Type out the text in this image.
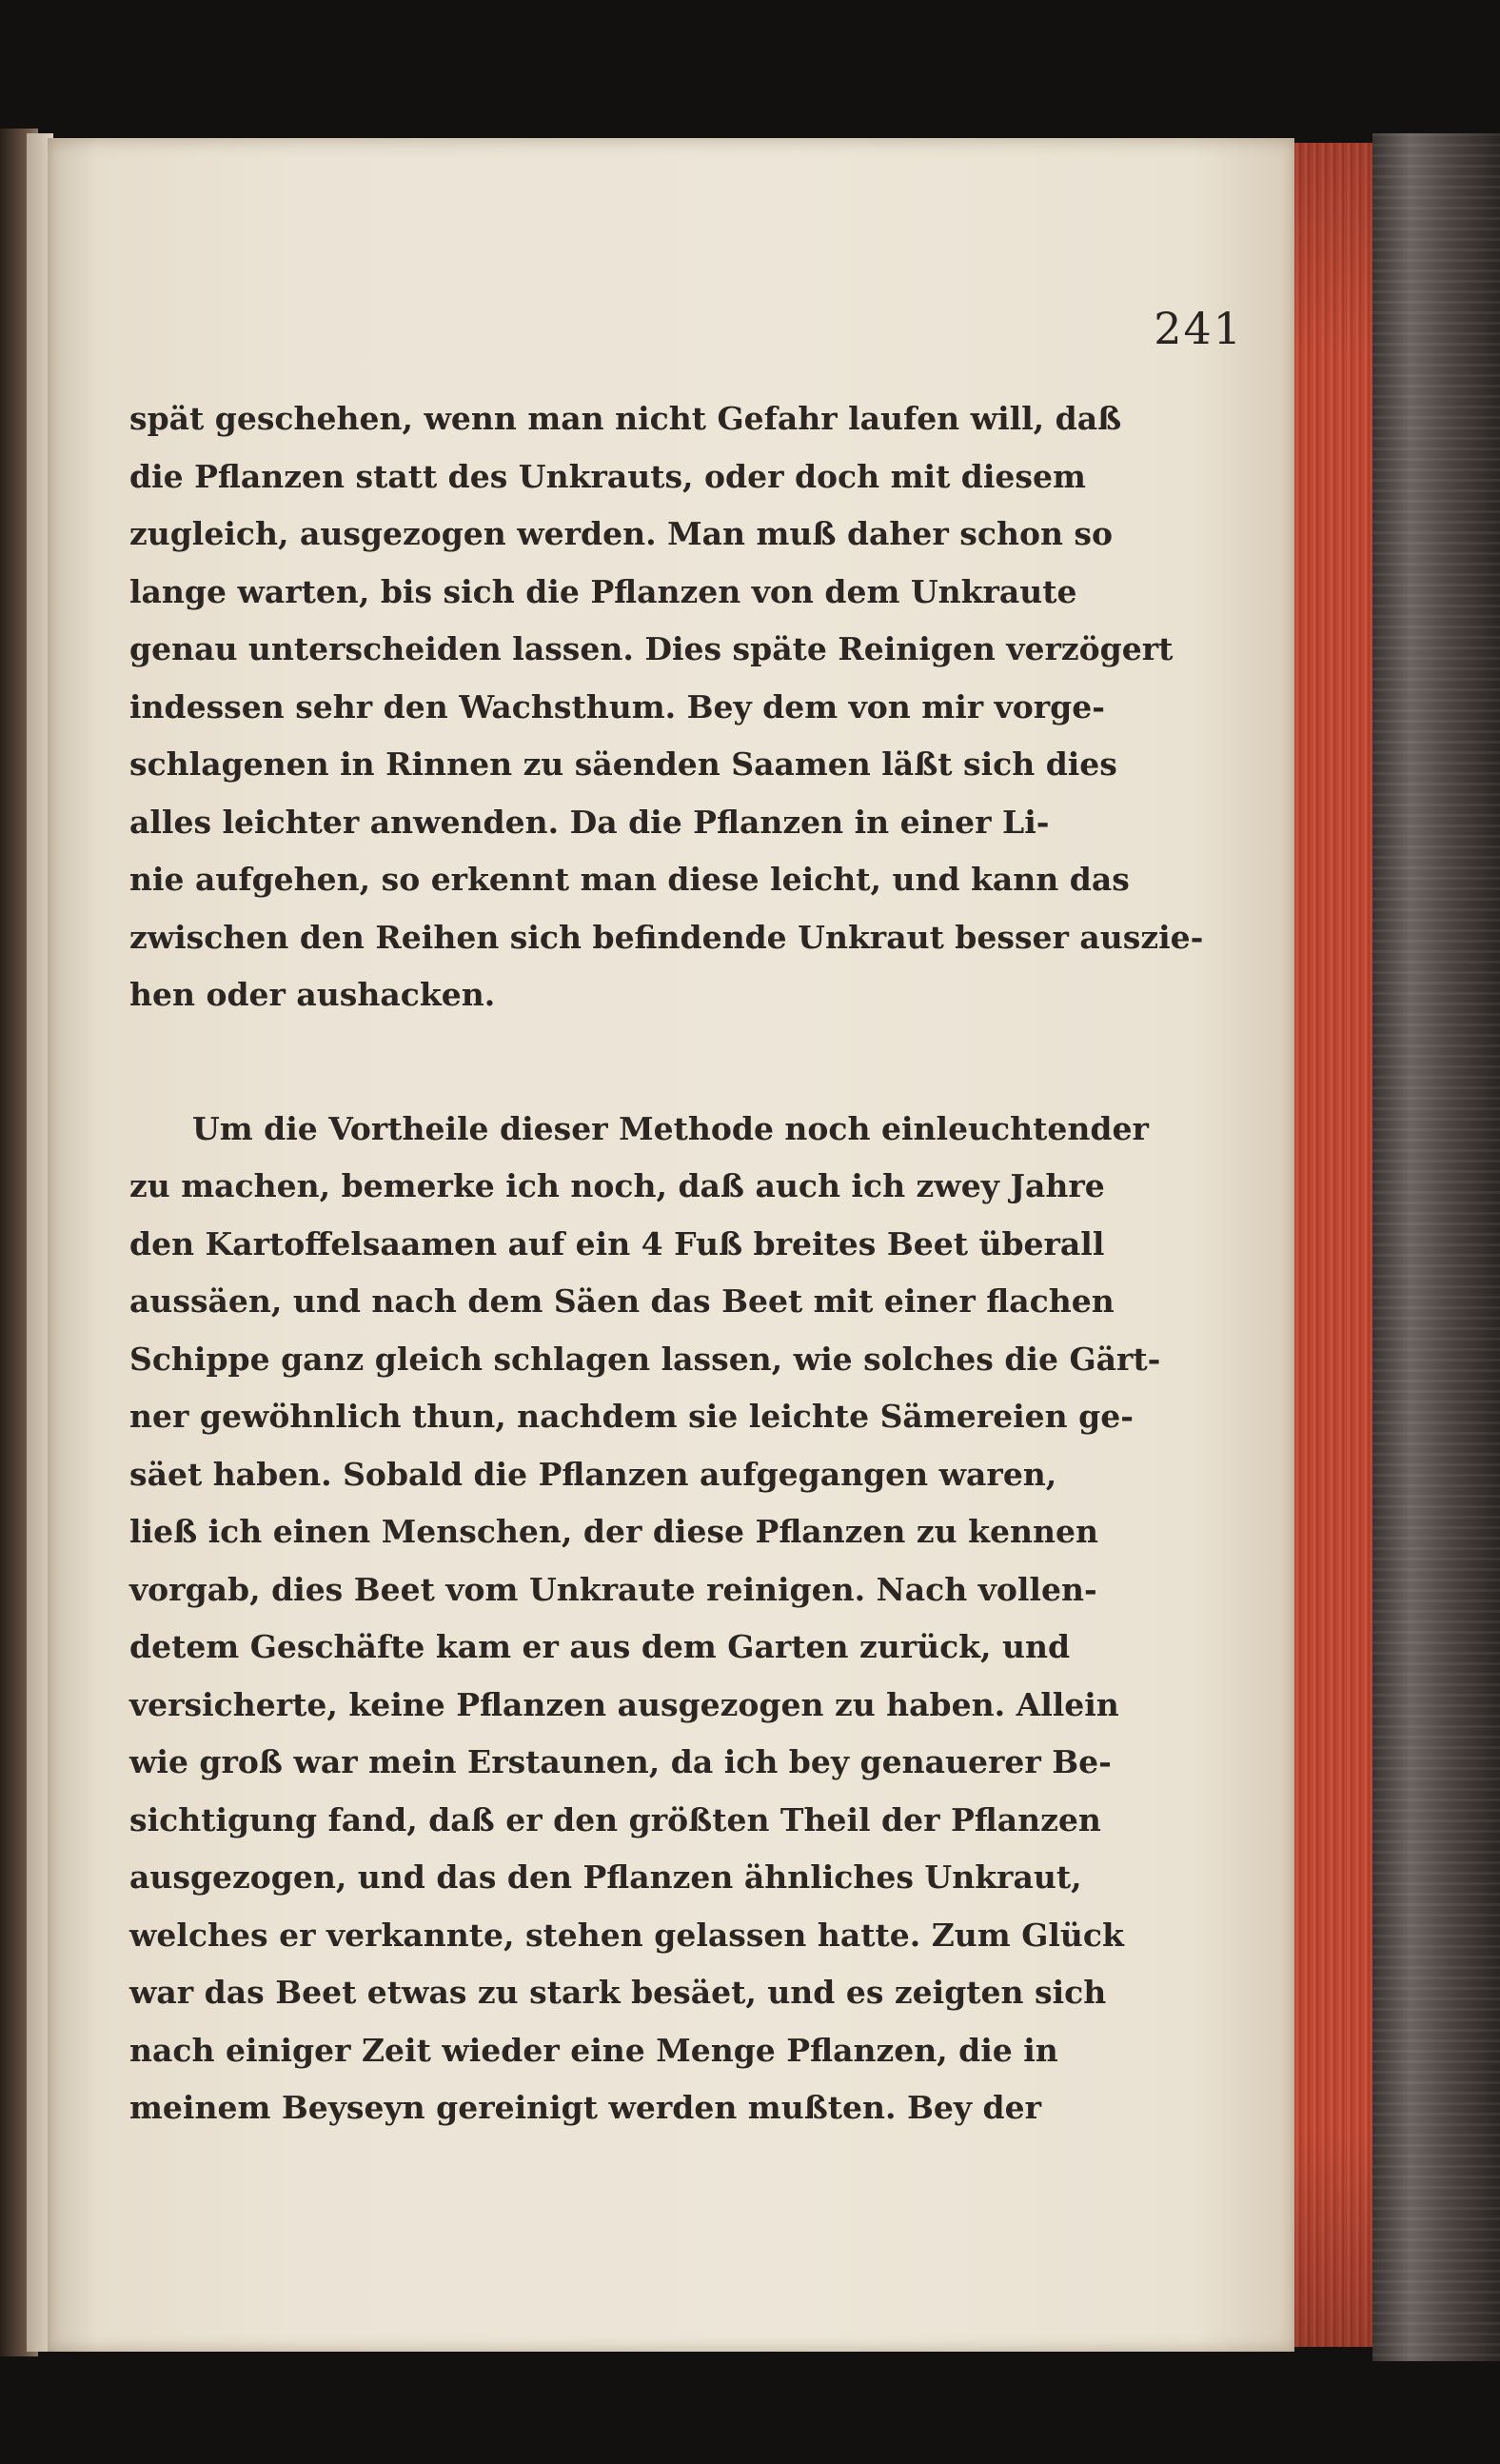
241
spät geschehen, wenn man nicht Gefahr laufen will, daß
die Pflanzen statt des Unkrauts, oder doch mit diesem
zugleich, ausgezogen werden. Man muß daher schon so
lange warten, bis sich die Pflanzen von dem Unkraute
genau unterscheiden lassen. Dies späte Reinigen verzögert
indessen sehr den Wachsthum. Bey dem von mir vorge-
schlagenen in Rinnen zu säenden Saamen läßt sich dies
alles leichter anwenden. Da die Pflanzen in einer Li-
nie aufgehen, so erkennt man diese leicht, und kann das
zwischen den Reihen sich befindende Unkraut besser auszie-
hen oder aushacken.
Um die Vortheile dieser Methode noch einleuchtender
zu machen, bemerke ich noch, daß auch ich zwey Jahre
den Kartoffelsaamen auf ein 4 Fuß breites Beet überall
aussäen, und nach dem Säen das Beet mit einer flachen
Schippe ganz gleich schlagen lassen, wie solches die Gärt-
ner gewöhnlich thun, nachdem sie leichte Sämereien ge-
säet haben. Sobald die Pflanzen aufgegangen waren,
ließ ich einen Menschen, der diese Pflanzen zu kennen
vorgab, dies Beet vom Unkraute reinigen. Nach vollen-
detem Geschäfte kam er aus dem Garten zurück, und
versicherte, keine Pflanzen ausgezogen zu haben. Allein
wie groß war mein Erstaunen, da ich bey genauerer Be-
sichtigung fand, daß er den größten Theil der Pflanzen
ausgezogen, und das den Pflanzen ähnliches Unkraut,
welches er verkannte, stehen gelassen hatte. Zum Glück
war das Beet etwas zu stark besäet, und es zeigten sich
nach einiger Zeit wieder eine Menge Pflanzen, die in
meinem Beyseyn gereinigt werden mußten. Bey der
